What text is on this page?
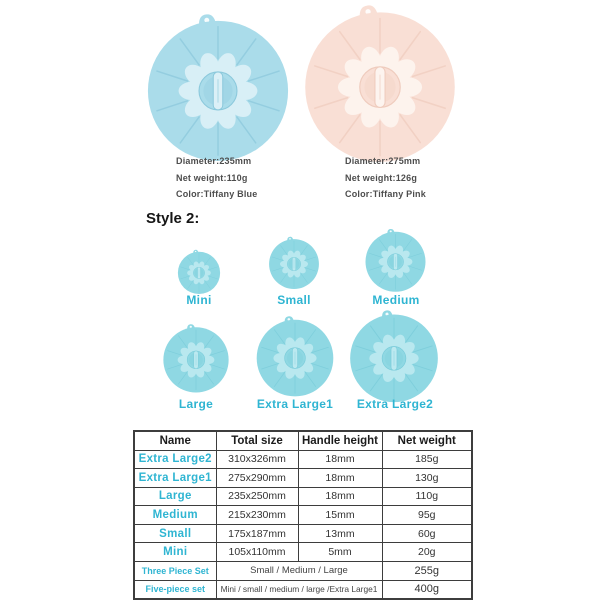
Diameter:235mm
Net weight:110g
Color:Tiffany Blue
Diameter:275mm
Net weight:126g
Color:Tiffany Pink
Style 2:
Mini	Small	Medium
Large	Extra Large1	Extra Large2
Name	Total size	Handle height	Net weight
Extra Large2	310x326mm	18mm	185g
Extra Large1	275x290mm	18mm	130g
Large	235x250mm	18mm	110g
Medium	215x230mm	15mm	95g
Small	175x187mm	13mm	60g
Mini	105x110mm	5mm	20g
Three Piece Set	Small / Medium / Large		255g
Five-piece set	Mini / small / medium / large /Extra Large1		400g
